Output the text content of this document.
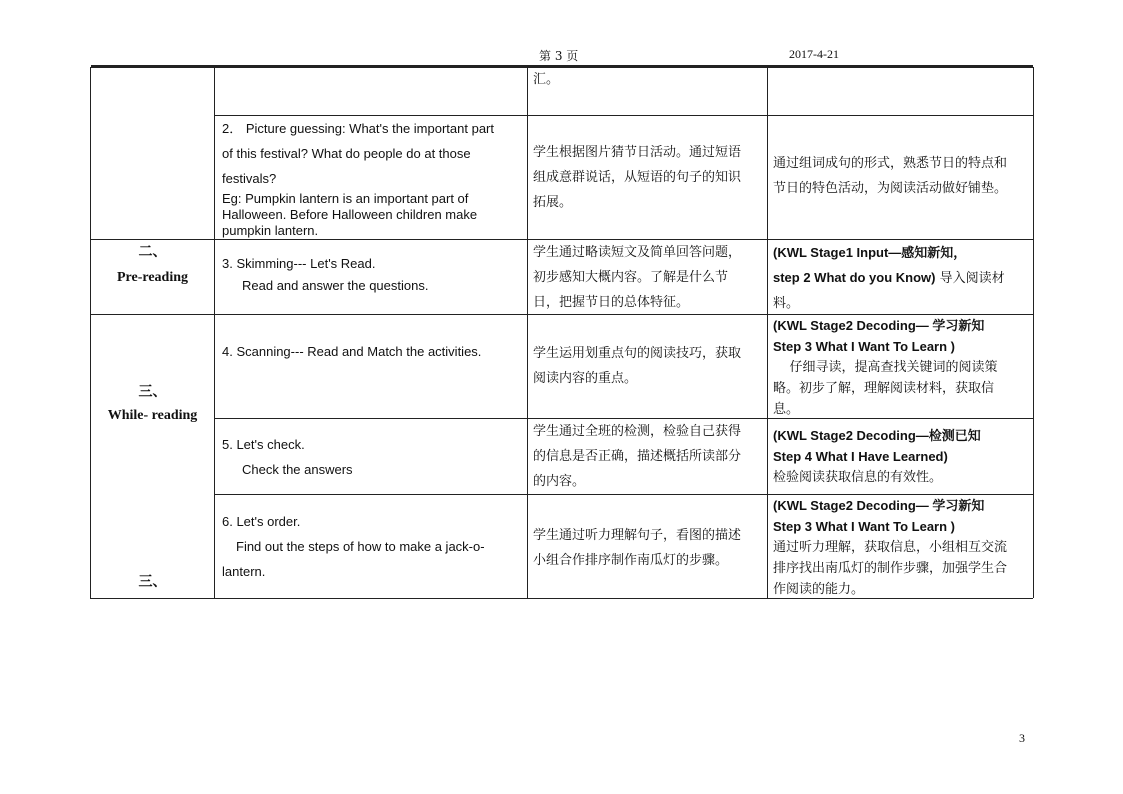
第 3 页	2017-4-21
汇。
2． Picture guessing: What's the important part
of this festival? What do people do at those
festivals?
Eg: Pumpkin lantern is an important part of
Halloween. Before Halloween children make
pumpkin lantern.
学生根据图片猜节日活动。通过短语
组成意群说话，从短语的句子的知识
拓展。
通过组词成句的形式，熟悉节日的特点和
节日的特色活动，为阅读活动做好铺垫。
二、
Pre-reading
3. Skimming--- Let's Read.
Read and answer the questions.
学生通过略读短文及简单回答问题，
初步感知大概内容。了解是什么节
日，把握节日的总体特征。
(KWL Stage1 Input—感知新知，
step 2 What do you Know) 导入阅读材
料。
三、
While- reading
4. Scanning--- Read and Match the activities.	学生运用划重点句的阅读技巧，获取
阅读内容的重点。
(KWL Stage2 Decoding— 学习新知
Step 3 What I Want To Learn )
仔细寻读，提高查找关键词的阅读策
略。初步了解，理解阅读材料，获取信
息。
5. Let's check.
Check the answers
学生通过全班的检测，检验自己获得
的信息是否正确，描述概括所读部分
的内容。
(KWL Stage2 Decoding—检测已知
Step 4 What I Have Learned)
检验阅读获取信息的有效性。
三、
6. Let's order.
Find out the steps of how to make a jack-o-
lantern.
学生通过听力理解句子，看图的描述
小组合作排序制作南瓜灯的步骤。
(KWL Stage2 Decoding— 学习新知
Step 3 What I Want To Learn )
通过听力理解，获取信息，小组相互交流
排序找出南瓜灯的制作步骤，加强学生合
作阅读的能力。
3
